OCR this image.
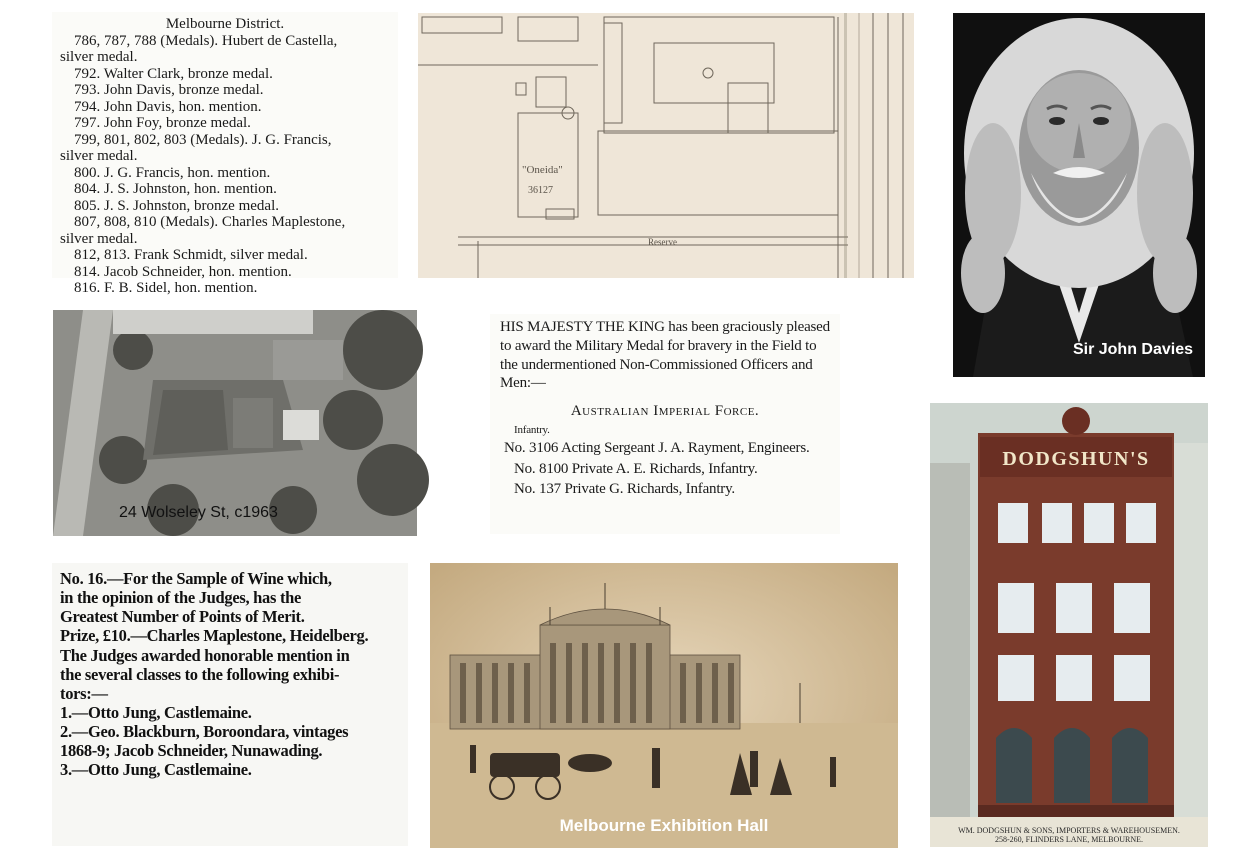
Melbourne District.
786, 787, 788 (Medals). Hubert de Castella,
silver medal.
792. Walter Clark, bronze medal.
793. John Davis, bronze medal.
794. John Davis, hon. mention.
797. John Foy, bronze medal.
799, 801, 802, 803 (Medals). J. G. Francis,
silver medal.
800. J. G. Francis, hon. mention.
804. J. S. Johnston, hon. mention.
805. J. S. Johnston, bronze medal.
807, 808, 810 (Medals). Charles Maplestone,
silver medal.
812, 813. Frank Schmidt, silver medal.
814. Jacob Schneider, hon. mention.
816. F. B. Sidel, hon. mention.
"Oneida"
36127
Reserve
Sir John Davies
24 Wolseley St, c1963
HIS MAJESTY THE KING has been graciously pleased to award the Military Medal for bravery in the Field to the undermentioned Non-Commissioned Officers and Men:—
Australian Imperial Force.
Infantry.
No. 3106 Acting Sergeant J. A. Rayment, Engineers.
No. 8100 Private A. E. Richards, Infantry.
No. 137 Private G. Richards, Infantry.
DODGSHUN'S
WM. DODGSHUN & SONS, IMPORTERS & WAREHOUSEMEN.
258-260, FLINDERS LANE, MELBOURNE.
No. 16.—For the Sample of Wine which,
in the opinion of the Judges, has the
Greatest Number of Points of Merit.
Prize, £10.—Charles Maplestone, Heidelberg.
The Judges awarded honorable mention in
the several classes to the following exhibi-
tors:—
1.—Otto Jung, Castlemaine.
2.—Geo. Blackburn, Boroondara, vintages
1868-9; Jacob Schneider, Nunawading.
3.—Otto Jung, Castlemaine.
Melbourne Exhibition Hall
